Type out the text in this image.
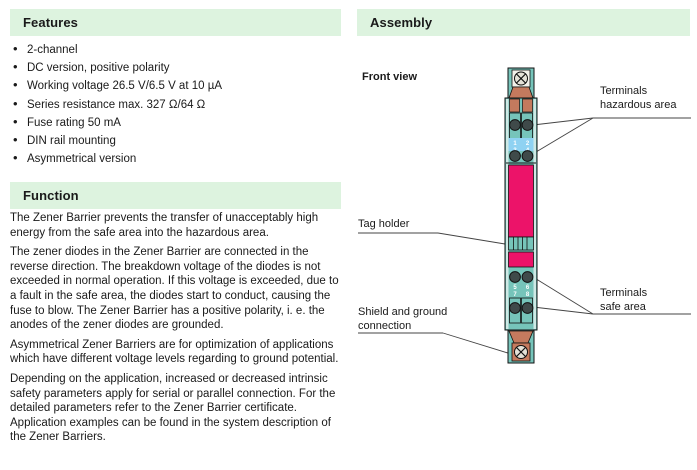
Features
• 2-channel
• DC version, positive polarity
• Working voltage 26.5 V/6.5 V at 10 µA
• Series resistance max. 327 Ω/64 Ω
• Fuse rating 50 mA
• DIN rail mounting
• Asymmetrical version
Function

The Zener Barrier prevents the transfer of unacceptably high energy from the safe area into the hazardous area.

The zener diodes in the Zener Barrier are connected in the reverse direction. The breakdown voltage of the diodes is not exceeded in normal operation. If this voltage is exceeded, due to a fault in the safe area, the diodes start to conduct, causing the fuse to blow. The Zener Barrier has a positive polarity, i. e. the anodes of the zener diodes are grounded.

Asymmetrical Zener Barriers are for optimization of applications which have different voltage levels regarding to ground potential.

Depending on the application, increased or decreased intrinsic safety parameters apply for serial or parallel connection. For the detailed parameters refer to the Zener Barrier certificate. Application examples can be found in the system description of the Zener Barriers.

Assembly
Front view
1 2
5 6
7 8
Terminals
hazardous area
Tag holder
Terminals
safe area
Shield and ground
connection
